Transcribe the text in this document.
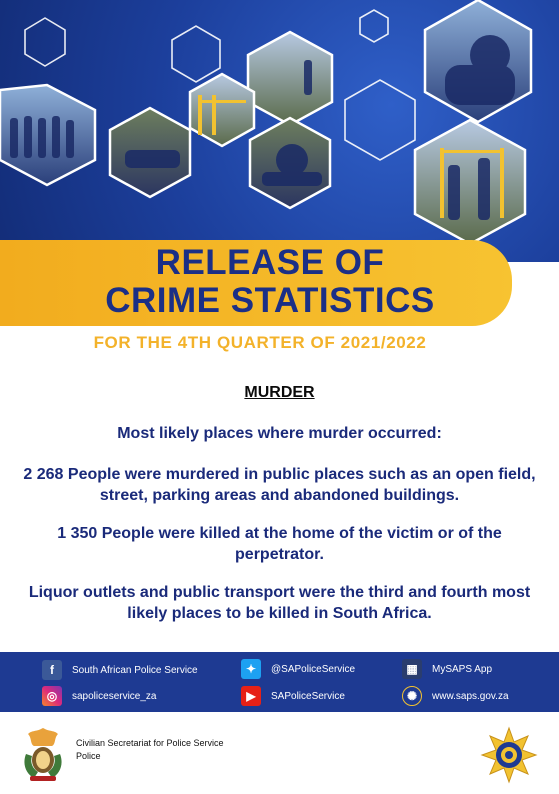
RELEASE OF
CRIME STATISTICS
FOR THE 4TH QUARTER OF 2021/2022
MURDER
Most likely places where murder occurred:
2 268 People were murdered in public places such as an open field, street, parking areas and abandoned buildings.
1 350 People were killed at the home of the victim or of the perpetrator.
Liquor outlets and public transport were the third and fourth most likely places to be killed in South Africa.
f	South African Police Service
◎	sapoliceservice_za
✦	@SAPoliceService
▶	SAPoliceService
▦	MySAPS App
✺	www.saps.gov.za
Civilian Secretariat for Police Service
Police
